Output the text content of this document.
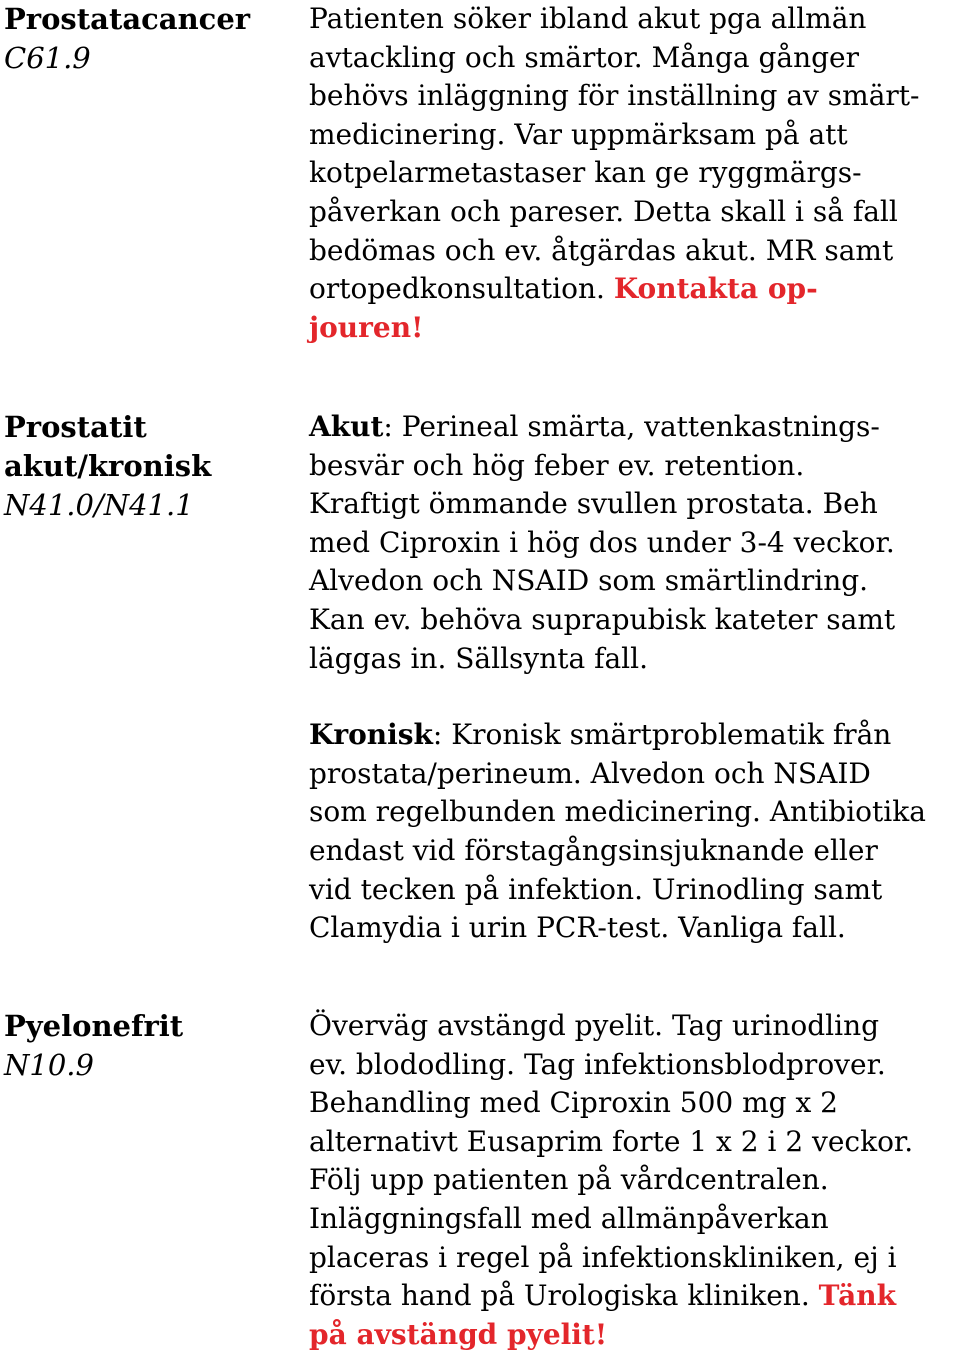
Prostatacancer
C61.9
Patienten söker ibland akut pga allmän
avtackling och smärtor. Många gånger
behövs inläggning för inställning av smärt-
medicinering. Var uppmärksam på att
kotpelarmetastaser kan ge ryggmärgs-
påverkan och pareser. Detta skall i så fall
bedömas och ev. åtgärdas akut. MR samt
ortopedkonsultation. Kontakta op-
jouren!
Prostatit
akut/kronisk
N41.0/N41.1

Akut: Perineal smärta, vattenkastnings-
besvär och hög feber ev. retention.
Kraftigt ömmande svullen prostata. Beh
med Ciproxin i hög dos under 3-4 veckor.
Alvedon och NSAID som smärtlindring.
Kan ev. behöva suprapubisk kateter samt
läggas in. Sällsynta fall.

Kronisk: Kronisk smärtproblematik från
prostata/perineum. Alvedon och NSAID
som regelbunden medicinering. Antibiotika
endast vid förstagångsinsjuknande eller
vid tecken på infektion. Urinodling samt
Clamydia i urin PCR-test. Vanliga fall.

Pyelonefrit
N10.9
Överväg avstängd pyelit. Tag urinodling
ev. blododling. Tag infektionsblodprover.
Behandling med Ciproxin 500 mg x 2
alternativt Eusaprim forte 1 x 2 i 2 veckor.
Följ upp patienten på vårdcentralen.
Inläggningsfall med allmänpåverkan
placeras i regel på infektionskliniken, ej i
första hand på Urologiska kliniken. Tänk
på avstängd pyelit!
